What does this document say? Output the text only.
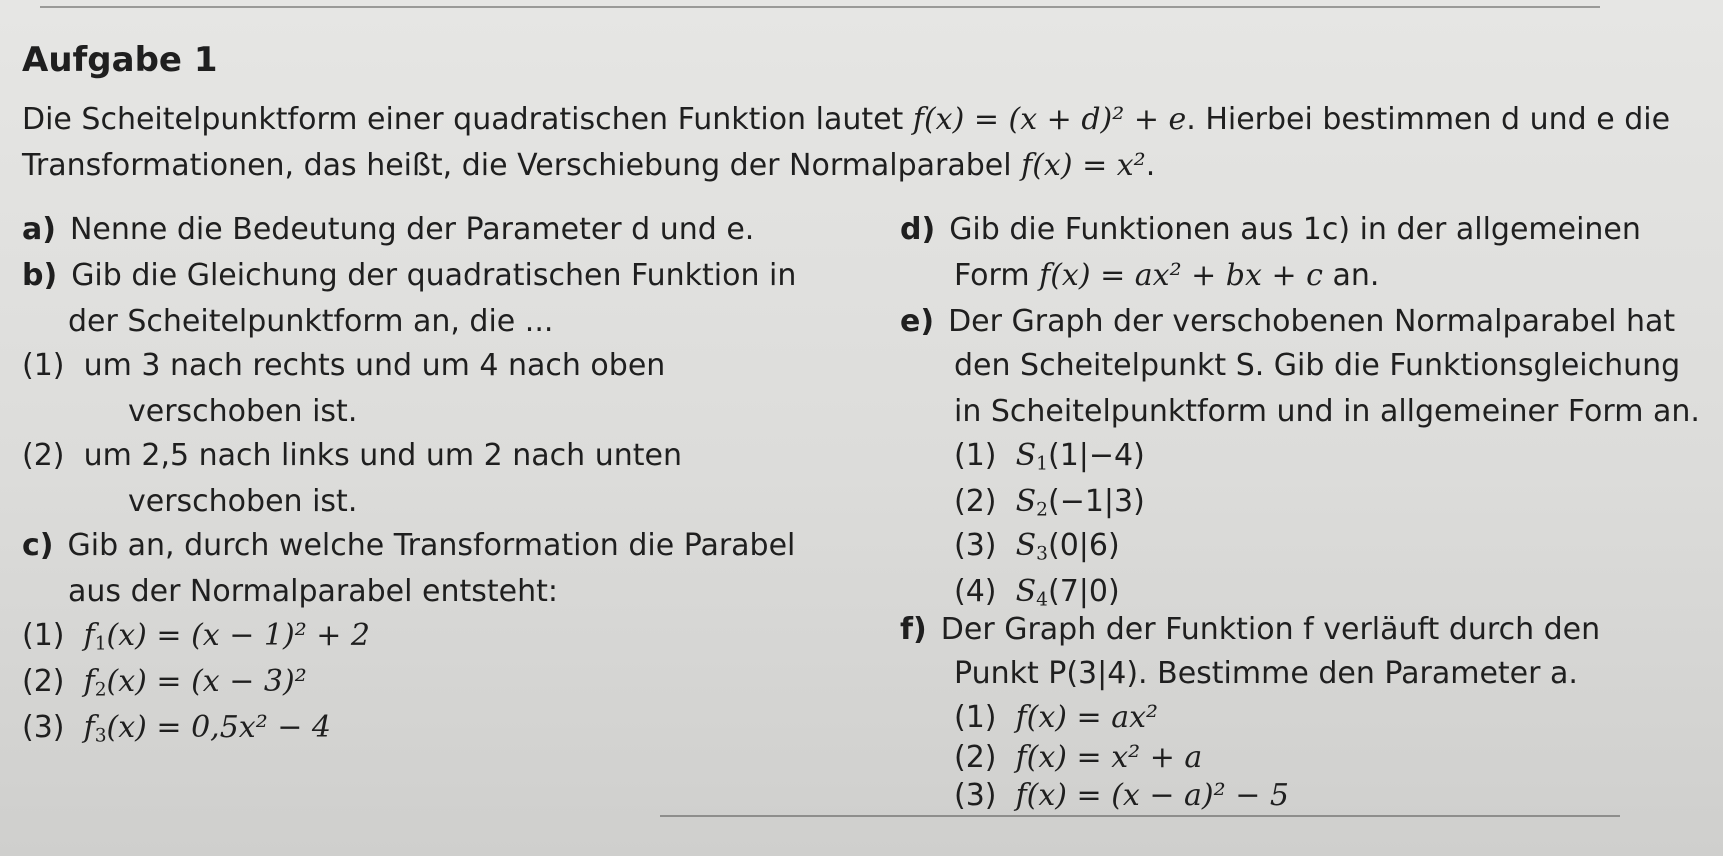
Aufgabe 1
Die Scheitelpunktform einer quadratischen Funktion lautet f(x) = (x + d)² + e. Hierbei bestimmen d und e die
Transformationen, das heißt, die Verschiebung der Normalparabel f(x) = x².
a) Nenne die Bedeutung der Parameter d und e.
b) Gib die Gleichung der quadratischen Funktion in
der Scheitelpunktform an, die ...
(1) um 3 nach rechts und um 4 nach oben
verschoben ist.
(2) um 2,5 nach links und um 2 nach unten
verschoben ist.
c) Gib an, durch welche Transformation die Parabel
aus der Normalparabel entsteht:
(1) $f_1(x) = (x - 1)^2 + 2$
(2) $f_2(x) = (x - 3)^2$
(3) $f_3(x) = 0,5x^2 - 4$
d) Gib die Funktionen aus 1c) in der allgemeinen
Form f(x) = ax² + bx + c an.
e) Der Graph der verschobenen Normalparabel hat
den Scheitelpunkt S. Gib die Funktionsgleichung
in Scheitelpunktform und in allgemeiner Form an.
(1) $S_1(1|-4)$
(2) $S_2(-1|3)$
(3) $S_3(0|6)$
(4) $S_4(7|0)$
f) Der Graph der Funktion f verläuft durch den
Punkt P(3|4). Bestimme den Parameter a.
(1) f(x) = ax²
(2) f(x) = x² + a
(3) f(x) = (x − a)² − 5
